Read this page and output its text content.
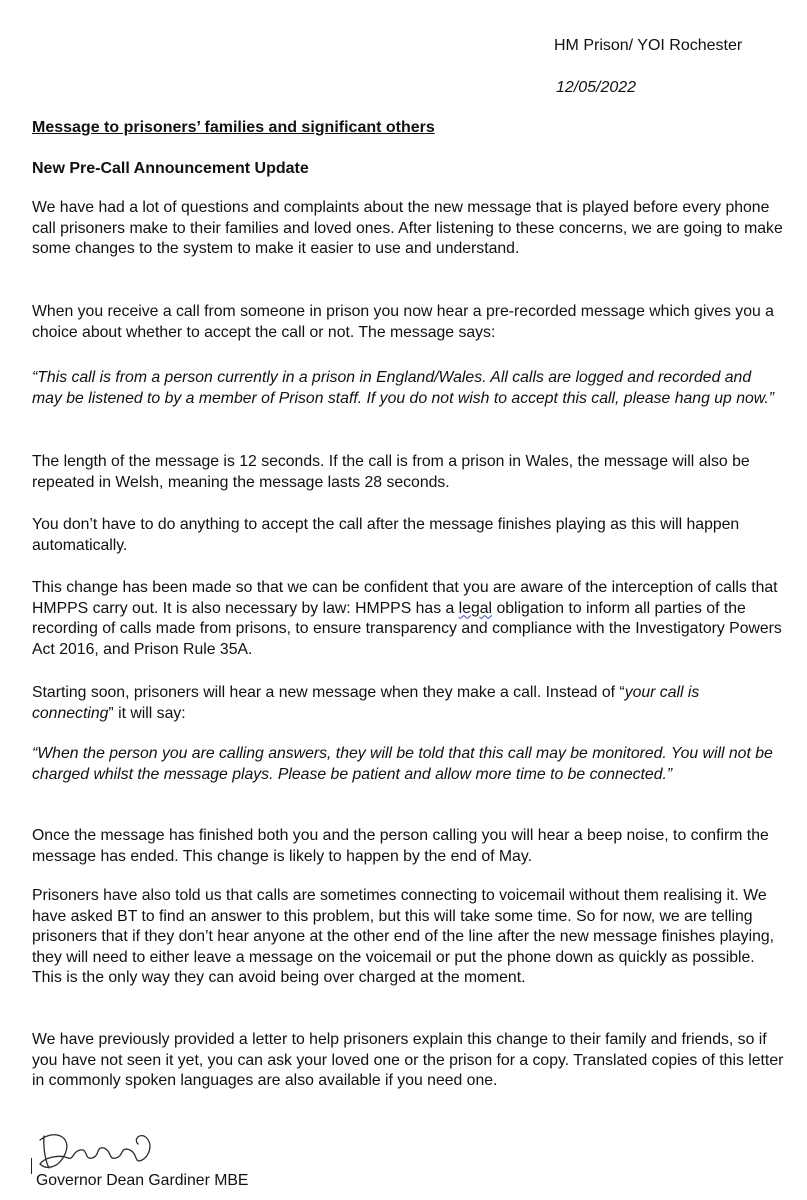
HM Prison/ YOI Rochester
12/05/2022
Message to prisoners’ families and significant others
New Pre-Call Announcement Update

We have had a lot of questions and complaints about the new message that is played before every phone call prisoners make to their families and loved ones. After listening to these concerns, we are going to make some changes to the system to make it easier to use and understand.

When you receive a call from someone in prison you now hear a pre-recorded message which gives you a choice about whether to accept the call or not. The message says:

“This call is from a person currently in a prison in England/Wales. All calls are logged and recorded and may be listened to by a member of Prison staff. If you do not wish to accept this call, please hang up now.”

The length of the message is 12 seconds. If the call is from a prison in Wales, the message will also be repeated in Welsh, meaning the message lasts 28 seconds.

You don’t have to do anything to accept the call after the message finishes playing as this will happen automatically.

This change has been made so that we can be confident that you are aware of the interception of calls that HMPPS carry out. It is also necessary by law: HMPPS has a legal obligation to inform all parties of the recording of calls made from prisons, to ensure transparency and compliance with the Investigatory Powers Act 2016, and Prison Rule 35A.

Starting soon, prisoners will hear a new message when they make a call. Instead of “your call is connecting” it will say:

“When the person you are calling answers, they will be told that this call may be monitored. You will not be charged whilst the message plays. Please be patient and allow more time to be connected.”

Once the message has finished both you and the person calling you will hear a beep noise, to confirm the message has ended. This change is likely to happen by the end of May.

Prisoners have also told us that calls are sometimes connecting to voicemail without them realising it. We have asked BT to find an answer to this problem, but this will take some time. So for now, we are telling prisoners that if they don’t hear anyone at the other end of the line after the new message finishes playing, they will need to either leave a message on the voicemail or put the phone down as quickly as possible. This is the only way they can avoid being over charged at the moment.

We have previously provided a letter to help prisoners explain this change to their family and friends, so if you have not seen it yet, you can ask your loved one or the prison for a copy. Translated copies of this letter in commonly spoken languages are also available if you need one.

Governor Dean Gardiner MBE
